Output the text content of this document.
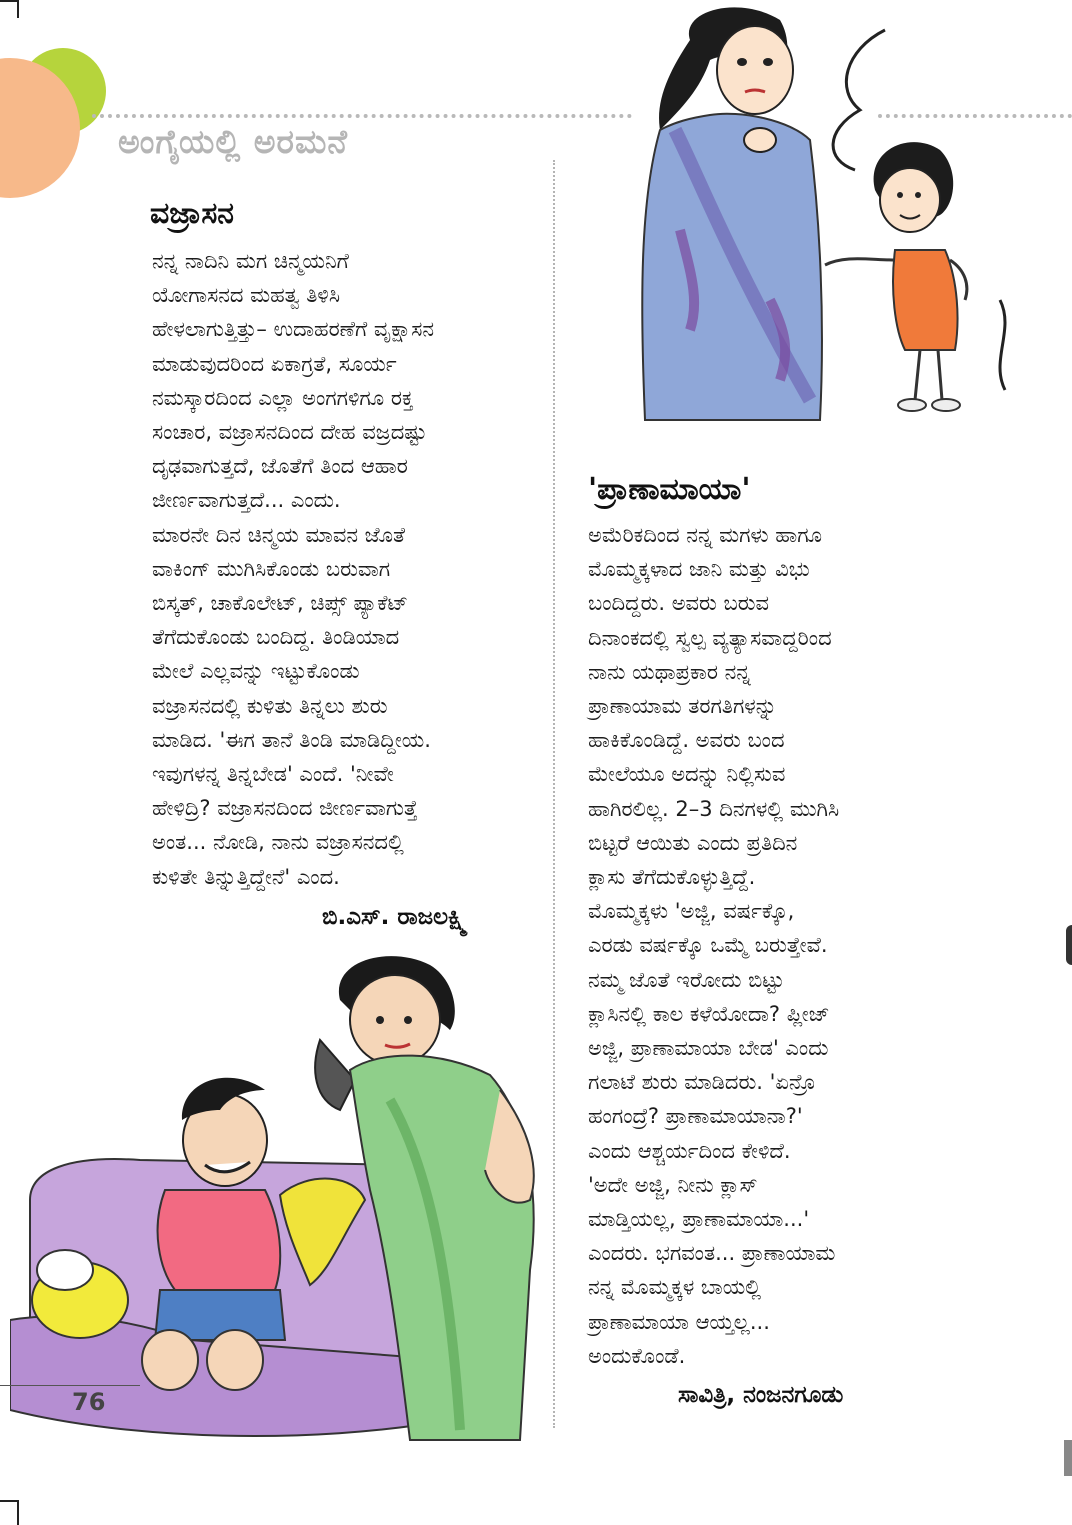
ಅಂಗೈಯಲ್ಲಿ ಅರಮನೆ
ವಜ್ರಾಸನ

ನನ್ನ ನಾದಿನಿ ಮಗ ಚಿನ್ಮಯನಿಗೆ

ಯೋಗಾಸನದ ಮಹತ್ವ ತಿಳಿಸಿ

ಹೇಳಲಾಗುತ್ತಿತ್ತು– ಉದಾಹರಣೆಗೆ ವೃಕ್ಷಾಸನ

ಮಾಡುವುದರಿಂದ ಏಕಾಗ್ರತೆ, ಸೂರ್ಯ

ನಮಸ್ಕಾರದಿಂದ ಎಲ್ಲಾ ಅಂಗಗಳಿಗೂ ರಕ್ತ

ಸಂಚಾರ, ವಜ್ರಾಸನದಿಂದ ದೇಹ ವಜ್ರದಷ್ಟು

ದೃಢವಾಗುತ್ತದೆ, ಜೊತೆಗೆ ತಿಂದ ಆಹಾರ

ಜೀರ್ಣವಾಗುತ್ತದೆ... ಎಂದು.

ಮಾರನೇ ದಿನ ಚಿನ್ಮಯ ಮಾವನ ಜೊತೆ

ವಾಕಿಂಗ್ ಮುಗಿಸಿಕೊಂಡು ಬರುವಾಗ

ಬಿಸ್ಕತ್, ಚಾಕೊಲೇಟ್, ಚಿಪ್ಸ್ ಪ್ಯಾಕೆಟ್

ತೆಗೆದುಕೊಂಡು ಬಂದಿದ್ದ. ತಿಂಡಿಯಾದ

ಮೇಲೆ ಎಲ್ಲವನ್ನು ಇಟ್ಟುಕೊಂಡು

ವಜ್ರಾಸನದಲ್ಲಿ ಕುಳಿತು ತಿನ್ನಲು ಶುರು

ಮಾಡಿದ. 'ಈಗ ತಾನೆ ತಿಂಡಿ ಮಾಡಿದ್ದೀಯ.

ಇವುಗಳನ್ನ ತಿನ್ನಬೇಡ' ಎಂದೆ. 'ನೀವೇ

ಹೇಳಿದ್ರಿ? ವಜ್ರಾಸನದಿಂದ ಜೀರ್ಣವಾಗುತ್ತೆ

ಅಂತ... ನೋಡಿ, ನಾನು ವಜ್ರಾಸನದಲ್ಲಿ

ಕುಳಿತೇ ತಿನ್ನುತ್ತಿದ್ದೇನೆ' ಎಂದ.

ಬಿ.ಎಸ್. ರಾಜಲಕ್ಷ್ಮಿ
'ಪ್ರಾಣಾಮಾಯಾ'

ಅಮೆರಿಕದಿಂದ ನನ್ನ ಮಗಳು ಹಾಗೂ

ಮೊಮ್ಮಕ್ಕಳಾದ ಜಾನಿ ಮತ್ತು ವಿಭು

ಬಂದಿದ್ದರು. ಅವರು ಬರುವ

ದಿನಾಂಕದಲ್ಲಿ ಸ್ವಲ್ಪ ವ್ಯತ್ಯಾಸವಾದ್ದರಿಂದ

ನಾನು ಯಥಾಪ್ರಕಾರ ನನ್ನ

ಪ್ರಾಣಾಯಾಮ ತರಗತಿಗಳನ್ನು

ಹಾಕಿಕೊಂಡಿದ್ದೆ. ಅವರು ಬಂದ

ಮೇಲೆಯೂ ಅದನ್ನು ನಿಲ್ಲಿಸುವ

ಹಾಗಿರಲಿಲ್ಲ. 2–3 ದಿನಗಳಲ್ಲಿ ಮುಗಿಸಿ

ಬಿಟ್ಟರೆ ಆಯಿತು ಎಂದು ಪ್ರತಿದಿನ

ಕ್ಲಾಸು ತೆಗೆದುಕೊಳ್ಳುತ್ತಿದ್ದೆ.

ಮೊಮ್ಮಕ್ಕಳು 'ಅಜ್ಜಿ, ವರ್ಷಕ್ಕೊ,

ಎರಡು ವರ್ಷಕ್ಕೊ ಒಮ್ಮೆ ಬರುತ್ತೇವೆ.

ನಮ್ಮ ಜೊತೆ ಇರೋದು ಬಿಟ್ಟು

ಕ್ಲಾಸಿನಲ್ಲಿ ಕಾಲ ಕಳೆಯೋದಾ? ಪ್ಲೀಜ್

ಅಜ್ಜಿ, ಪ್ರಾಣಾಮಾಯಾ ಬೇಡ' ಎಂದು

ಗಲಾಟೆ ಶುರು ಮಾಡಿದರು. 'ಏನ್ರೊ

ಹಂಗಂದ್ರೆ? ಪ್ರಾಣಾಮಾಯಾನಾ?'

ಎಂದು ಆಶ್ಚರ್ಯದಿಂದ ಕೇಳಿದೆ.

'ಅದೇ ಅಜ್ಜಿ, ನೀನು ಕ್ಲಾಸ್

ಮಾಡ್ತಿಯಲ್ಲ, ಪ್ರಾಣಾಮಾಯಾ...'

ಎಂದರು. ಭಗವಂತ... ಪ್ರಾಣಾಯಾಮ

ನನ್ನ ಮೊಮ್ಮಕ್ಕಳ ಬಾಯಲ್ಲಿ

ಪ್ರಾಣಾಮಾಯಾ ಆಯ್ತಲ್ಲ...

ಅಂದುಕೊಂಡೆ.

ಸಾವಿತ್ರಿ, ನಂಜನಗೂಡು
76
